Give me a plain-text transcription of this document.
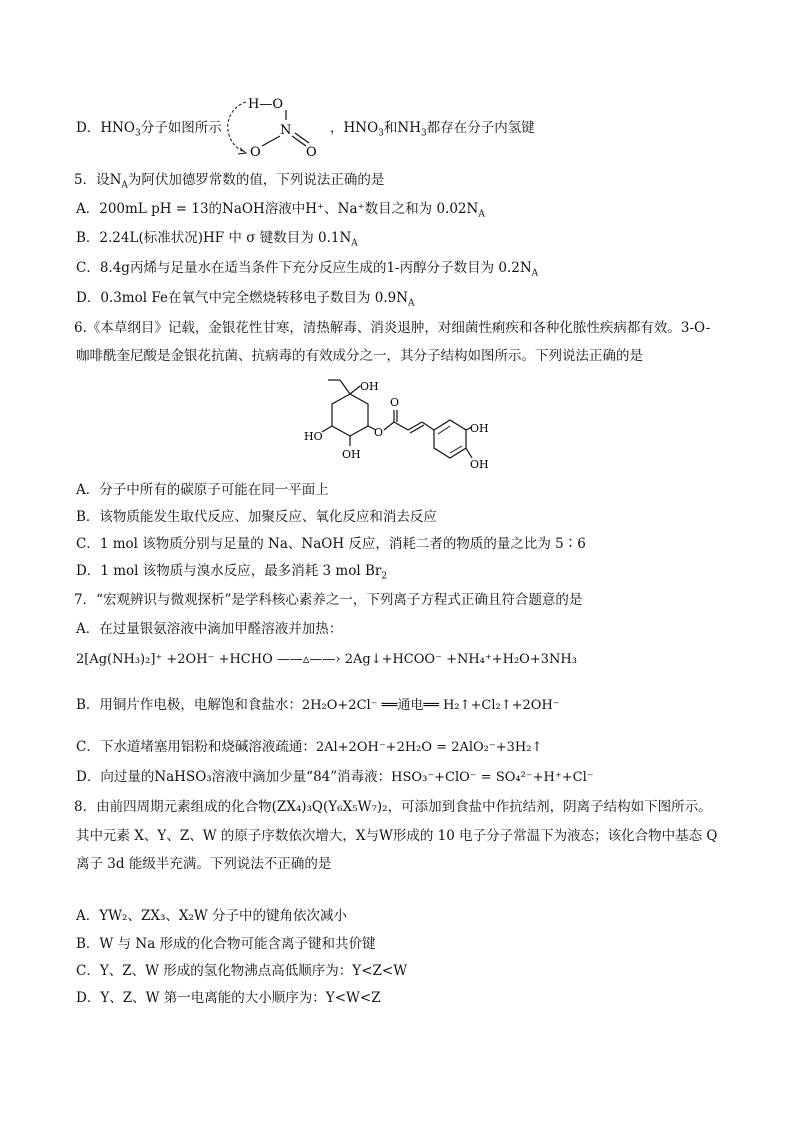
D．$HNO_3$分子如图所示
H—O
N
O	O
，$HNO_3$和$NH_3$都存在分子内氢键
5．设$N_A$为阿伏加德罗常数的值，下列说法正确的是
A．200mL pH = 13的NaOH溶液中H⁺、Na⁺数目之和为 $0.02N_A$
B．2.24L(标准状况)HF 中 σ 键数目为 $0.1N_A$
C．8.4g丙烯与足量水在适当条件下充分反应生成的1-丙醇分子数目为 $0.2N_A$
D．0.3mol Fe在氧气中完全燃烧转移电子数目为 $0.9N_A$
6.《本草纲目》记载，金银花性甘寒，清热解毒、消炎退肿，对细菌性痢疾和各种化脓性疾病都有效。3-O-
咖啡酰奎尼酸是金银花抗菌、抗病毒的有效成分之一，其分子结构如图所示。下列说法正确的是
OH
HO
OH
O
O
OH
OH
A．分子中所有的碳原子可能在同一平面上
B．该物质能发生取代反应、加聚反应、氧化反应和消去反应
C．1 mol 该物质分别与足量的 Na、NaOH 反应，消耗二者的物质的量之比为 5∶6
D．1 mol 该物质与溴水反应，最多消耗 3 mol $Br_2$
7．“宏观辨识与微观探析”是学科核心素养之一，下列离子方程式正确且符合题意的是
A．在过量银氨溶液中滴加甲醛溶液并加热：
2[Ag(NH₃)₂]⁺ +2OH⁻ +HCHO ——▵——› 2Ag↓+HCOO⁻ +NH₄⁺+H₂O+3NH₃
B．用铜片作电极，电解饱和食盐水：2H₂O+2Cl⁻ ══通电══ H₂↑+Cl₂↑+2OH⁻
C．下水道堵塞用铝粉和烧碱溶液疏通：2Al+2OH⁻+2H₂O = 2AlO₂⁻+3H₂↑
D．向过量的NaHSO₃溶液中滴加少量“84”消毒液：HSO₃⁻+ClO⁻ = SO₄²⁻+H⁺+Cl⁻
8．由前四周期元素组成的化合物(ZX₄)₃Q(Y₆X₅W₇)₂，可添加到食盐中作抗结剂，阴离子结构如下图所示。
其中元素 X、Y、Z、W 的原子序数依次增大，X与W形成的 10 电子分子常温下为液态；该化合物中基态 Q
离子 3d 能级半充满。下列说法不正确的是
A．YW₂、ZX₃、X₂W 分子中的键角依次减小
B．W 与 Na 形成的化合物可能含离子键和共价键
C．Y、Z、W 形成的氢化物沸点高低顺序为：Y<Z<W
D．Y、Z、W 第一电离能的大小顺序为：Y<W<Z
